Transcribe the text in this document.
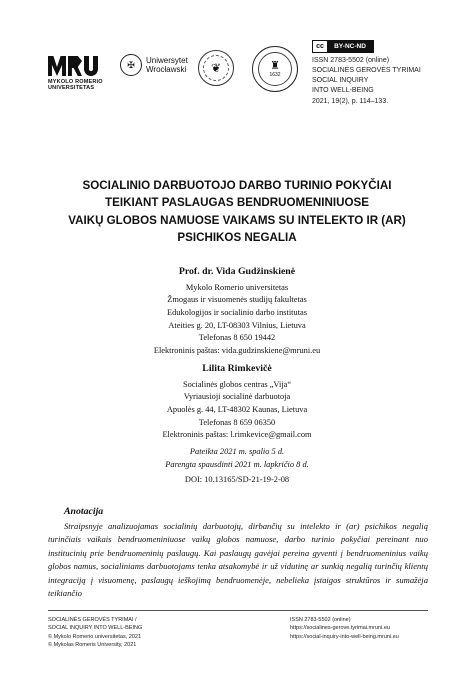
MYKOLO ROMERIO
UNIVERSITETAS
✠	Uniwersytet
Wrocławski	❦	♜
1632
cc	BY-NC-ND
ISSN 2783-5502 (online)
SOCIALINĖS GEROVĖS TYRIMAI
SOCIAL INQUIRY
INTO WELL-BEING
2021, 19(2), p. 114–133.
SOCIALINIO DARBUOTOJO DARBO TURINIO POKYČIAI
TEIKIANT PASLAUGAS BENDRUOMENINIUOSE
VAIKŲ GLOBOS NAMUOSE VAIKAMS SU INTELEKTO IR (AR)
PSICHIKOS NEGALIA
Prof. dr. Vida Gudžinskienė
Mykolo Romerio universitetas
Žmogaus ir visuomenės studijų fakultetas
Edukologijos ir socialinio darbo institutas
Ateities g. 20, LT-08303 Vilnius, Lietuva
Telefonas 8 650 19442
Elektroninis paštas: vida.gudzinskiene@mruni.eu
Lilita Rimkevičė
Socialinės globos centras „Vija“
Vyriausioji socialinė darbuotoja
Apuolės g. 44, LT-48302 Kaunas, Lietuva
Telefonas 8 659 06350
Elektroninis paštas: l.rimkevice@gmail.com
Pateikta 2021 m. spalio 5 d.
Parengta spausdinti 2021 m. lapkričio 8 d.
DOI: 10.13165/SD-21-19-2-08
Anotacija
Straipsnyje analizuojamas socialinių darbuotojų, dirbančių su intelekto ir (ar) psichikos negalią turinčiais vaikais bendruomeniniuose vaikų globos namuose, darbo turinio pokyčiai pereinant nuo institucinių prie bendruomeninių paslaugų. Kai paslaugų gavėjai pereina gyventi į bendruomeninius vaikų globos namus, socialiniams darbuotojams tenka atsakomybė ir už vidutinę ar sunkią negalią turinčių klientų integraciją į visuomenę, paslaugų ieškojimą bendruomenėje, nebelieka įstaigos struktūros ir sumažėja teikiančio
SOCIALINĖS GEROVĖS TYRIMAI /
SOCIAL INQUIRY INTO WELL-BEING
© Mykolo Romerio universitetas, 2021
© Mykolas Romeris University, 2021
ISSN 2783-5502 (online)
https://socialines-gerove.tyrimai.mruni.eu
https://social-inquiry-into-well-being.mruni.eu
